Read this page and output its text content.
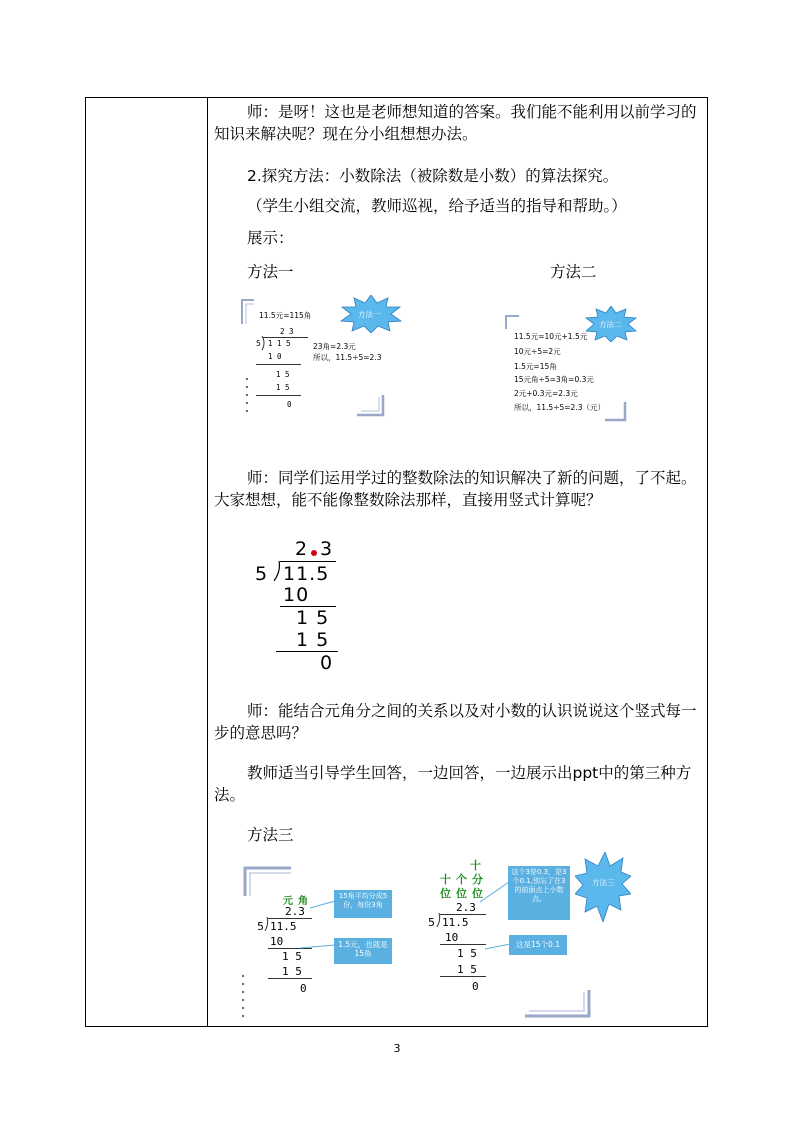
师：是呀！这也是老师想知道的答案。我们能不能利用以前学习的知识来解决呢？现在分小组想想办法。
2.探究方法：小数除法（被除数是小数）的算法探究。
（学生小组交流，教师巡视，给予适当的指导和帮助。）
展示：
方法一	方法二
11.5元=115角
2 3
5 1 1 5
1 0
1 5
1 5
0
23角=2.3元
所以，11.5÷5=2.3
方法一
11.5元=10元+1.5元
10元÷5=2元
1.5元=15角
15元角÷5=3角=0.3元
2元+0.3元=2.3元
所以，11.5÷5=2.3（元）
方法二
师：同学们运用学过的整数除法的知识解决了新的问题，了不起。大家想想，能不能像整数除法那样，直接用竖式计算呢？
2 3
5 11.5
10
1 5
1 5
0
师：能结合元角分之间的关系以及对小数的认识说说这个竖式每一步的意思吗？
教师适当引导学生回答，一边回答，一边展示出ppt中的第三种方法。
方法三
元 角
2.3
5 11.5
10
1 5
1 5
0
15角平均分成5份，每份3角
1.5元，也就是15角
十
十 个 分
位 位 位
2.3
5 11.5
10
1 5
1 5
0
这个3是0.3，是3个0.1,别忘了在3的前面点上小数点。
这是15个0.1
方法三
3
